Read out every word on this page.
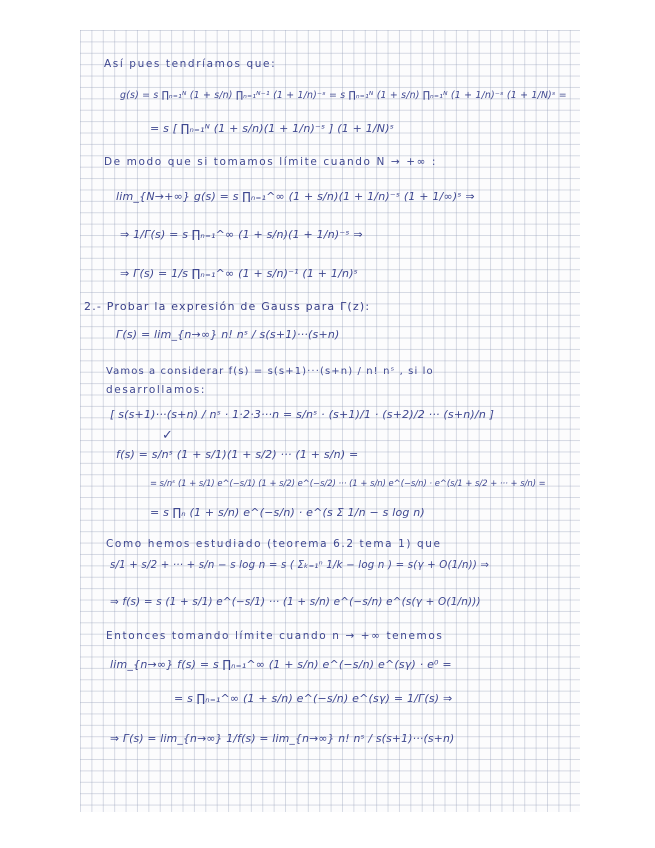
Así pues tendríamos que:
g(s) = s ∏ₙ₌₁ᴺ (1 + s/n) ∏ₙ₌₁ᴺ⁻¹ (1 + 1/n)⁻ˢ = s ∏ₙ₌₁ᴺ (1 + s/n) ∏ₙ₌₁ᴺ (1 + 1/n)⁻ˢ (1 + 1/N)ˢ =
= s [ ∏ₙ₌₁ᴺ (1 + s/n)(1 + 1/n)⁻ˢ ] (1 + 1/N)ˢ
De modo que si tomamos límite cuando N → +∞ :
lim_{N→+∞} g(s) = s ∏ₙ₌₁^∞ (1 + s/n)(1 + 1/n)⁻ˢ (1 + 1/∞)ˢ ⇒
⇒ 1/Γ(s) = s ∏ₙ₌₁^∞ (1 + s/n)(1 + 1/n)⁻ˢ ⇒
⇒ Γ(s) = 1/s ∏ₙ₌₁^∞ (1 + s/n)⁻¹ (1 + 1/n)ˢ
2.- Probar la expresión de Gauss para Γ(z):
Γ(s) = lim_{n→∞} n! nˢ / s(s+1)···(s+n)
Vamos a considerar f(s) = s(s+1)···(s+n) / n! nˢ , si lo
desarrollamos:
[ s(s+1)···(s+n) / nˢ · 1·2·3···n = s/nˢ · (s+1)/1 · (s+2)/2 ··· (s+n)/n ]
✓
f(s) = s/nˢ (1 + s/1)(1 + s/2) ··· (1 + s/n) =
= s/nˢ (1 + s/1) e^(−s/1) (1 + s/2) e^(−s/2) ··· (1 + s/n) e^(−s/n) · e^(s/1 + s/2 + ··· + s/n) =
= s ∏ₙ (1 + s/n) e^(−s/n) · e^(s Σ 1/n − s log n)
Como hemos estudiado (teorema 6.2 tema 1) que
s/1 + s/2 + ··· + s/n − s log n = s ( Σₖ₌₁ⁿ 1/k − log n ) = s(γ + O(1/n)) ⇒
⇒ f(s) = s (1 + s/1) e^(−s/1) ··· (1 + s/n) e^(−s/n) e^(s(γ + O(1/n)))
Entonces tomando límite cuando n → +∞ tenemos
lim_{n→∞} f(s) = s ∏ₙ₌₁^∞ (1 + s/n) e^(−s/n) e^(sγ) · e⁰ =
= s ∏ₙ₌₁^∞ (1 + s/n) e^(−s/n) e^(sγ) = 1/Γ(s) ⇒
⇒ Γ(s) = lim_{n→∞} 1/f(s) = lim_{n→∞} n! nˢ / s(s+1)···(s+n)
